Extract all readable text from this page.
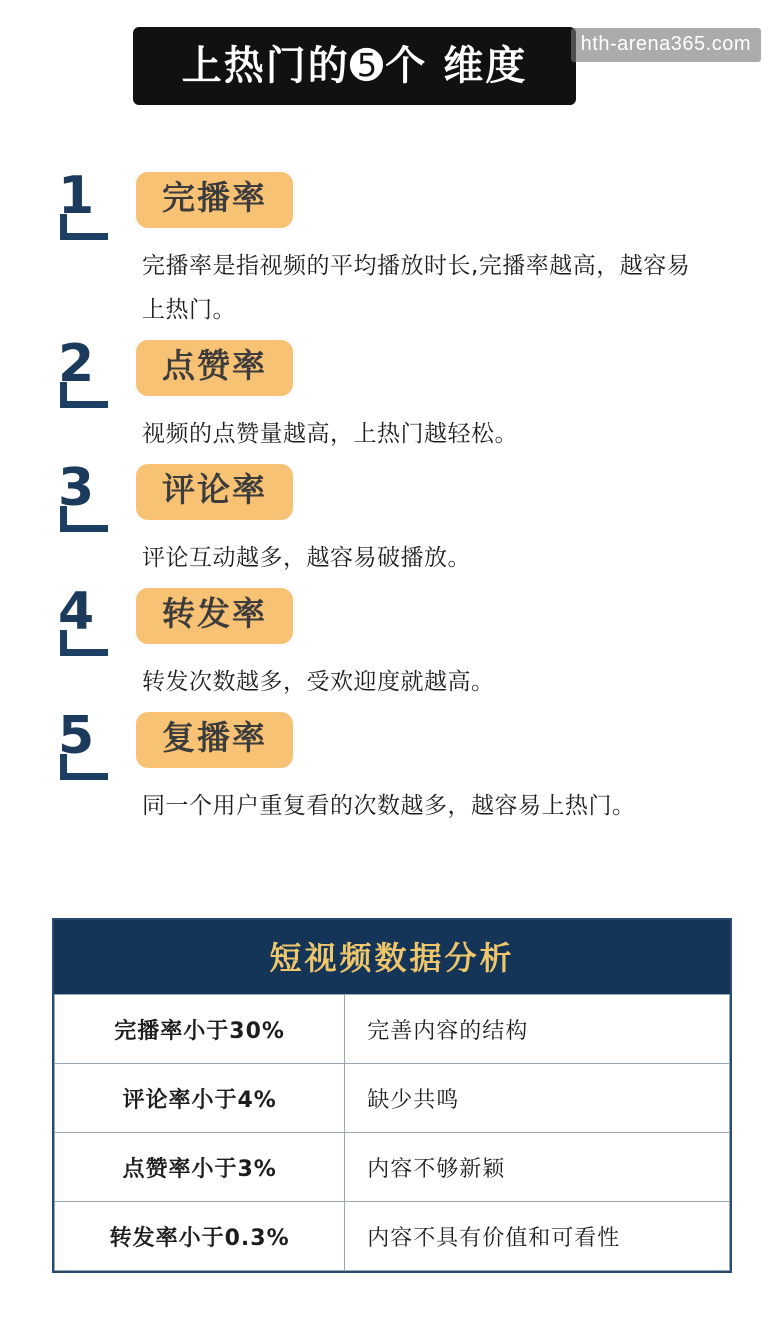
hth-arena365.com
上热门的➎个 维度
1	完播率

完播率是指视频的平均播放时长,完播率越高，越容易上热门。

2	点赞率

视频的点赞量越高，上热门越轻松。

3	评论率

评论互动越多，越容易破播放。

4	转发率

转发次数越多，受欢迎度就越高。

5	复播率

同一个用户重复看的次数越多，越容易上热门。

短视频数据分析
完播率小于30%	完善内容的结构
评论率小于4%	缺少共鸣
点赞率小于3%	内容不够新颖
转发率小于0.3%	内容不具有价值和可看性
